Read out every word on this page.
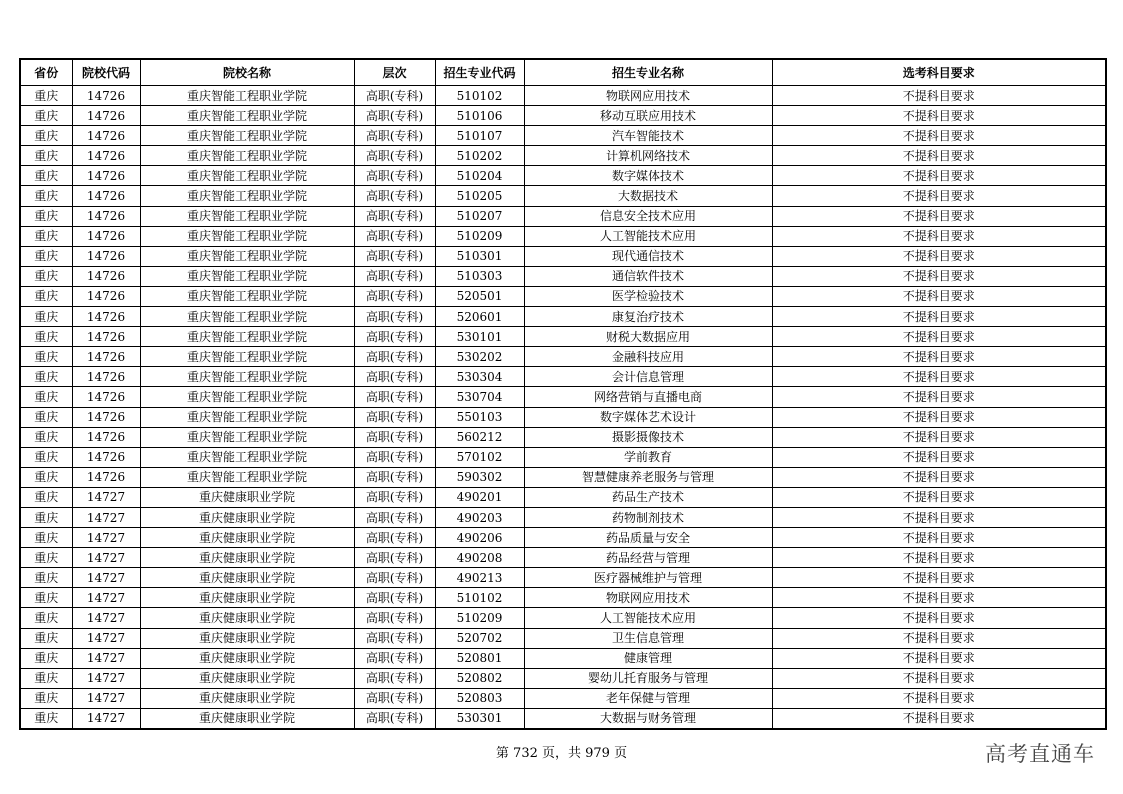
省份	院校代码	院校名称	层次	招生专业代码	招生专业名称	选考科目要求
重庆	14726	重庆智能工程职业学院	高职(专科)	510102	物联网应用技术	不提科目要求
重庆	14726	重庆智能工程职业学院	高职(专科)	510106	移动互联应用技术	不提科目要求
重庆	14726	重庆智能工程职业学院	高职(专科)	510107	汽车智能技术	不提科目要求
重庆	14726	重庆智能工程职业学院	高职(专科)	510202	计算机网络技术	不提科目要求
重庆	14726	重庆智能工程职业学院	高职(专科)	510204	数字媒体技术	不提科目要求
重庆	14726	重庆智能工程职业学院	高职(专科)	510205	大数据技术	不提科目要求
重庆	14726	重庆智能工程职业学院	高职(专科)	510207	信息安全技术应用	不提科目要求
重庆	14726	重庆智能工程职业学院	高职(专科)	510209	人工智能技术应用	不提科目要求
重庆	14726	重庆智能工程职业学院	高职(专科)	510301	现代通信技术	不提科目要求
重庆	14726	重庆智能工程职业学院	高职(专科)	510303	通信软件技术	不提科目要求
重庆	14726	重庆智能工程职业学院	高职(专科)	520501	医学检验技术	不提科目要求
重庆	14726	重庆智能工程职业学院	高职(专科)	520601	康复治疗技术	不提科目要求
重庆	14726	重庆智能工程职业学院	高职(专科)	530101	财税大数据应用	不提科目要求
重庆	14726	重庆智能工程职业学院	高职(专科)	530202	金融科技应用	不提科目要求
重庆	14726	重庆智能工程职业学院	高职(专科)	530304	会计信息管理	不提科目要求
重庆	14726	重庆智能工程职业学院	高职(专科)	530704	网络营销与直播电商	不提科目要求
重庆	14726	重庆智能工程职业学院	高职(专科)	550103	数字媒体艺术设计	不提科目要求
重庆	14726	重庆智能工程职业学院	高职(专科)	560212	摄影摄像技术	不提科目要求
重庆	14726	重庆智能工程职业学院	高职(专科)	570102	学前教育	不提科目要求
重庆	14726	重庆智能工程职业学院	高职(专科)	590302	智慧健康养老服务与管理	不提科目要求
重庆	14727	重庆健康职业学院	高职(专科)	490201	药品生产技术	不提科目要求
重庆	14727	重庆健康职业学院	高职(专科)	490203	药物制剂技术	不提科目要求
重庆	14727	重庆健康职业学院	高职(专科)	490206	药品质量与安全	不提科目要求
重庆	14727	重庆健康职业学院	高职(专科)	490208	药品经营与管理	不提科目要求
重庆	14727	重庆健康职业学院	高职(专科)	490213	医疗器械维护与管理	不提科目要求
重庆	14727	重庆健康职业学院	高职(专科)	510102	物联网应用技术	不提科目要求
重庆	14727	重庆健康职业学院	高职(专科)	510209	人工智能技术应用	不提科目要求
重庆	14727	重庆健康职业学院	高职(专科)	520702	卫生信息管理	不提科目要求
重庆	14727	重庆健康职业学院	高职(专科)	520801	健康管理	不提科目要求
重庆	14727	重庆健康职业学院	高职(专科)	520802	婴幼儿托育服务与管理	不提科目要求
重庆	14727	重庆健康职业学院	高职(专科)	520803	老年保健与管理	不提科目要求
重庆	14727	重庆健康职业学院	高职(专科)	530301	大数据与财务管理	不提科目要求
第 732 页，共 979 页	高考直通车
